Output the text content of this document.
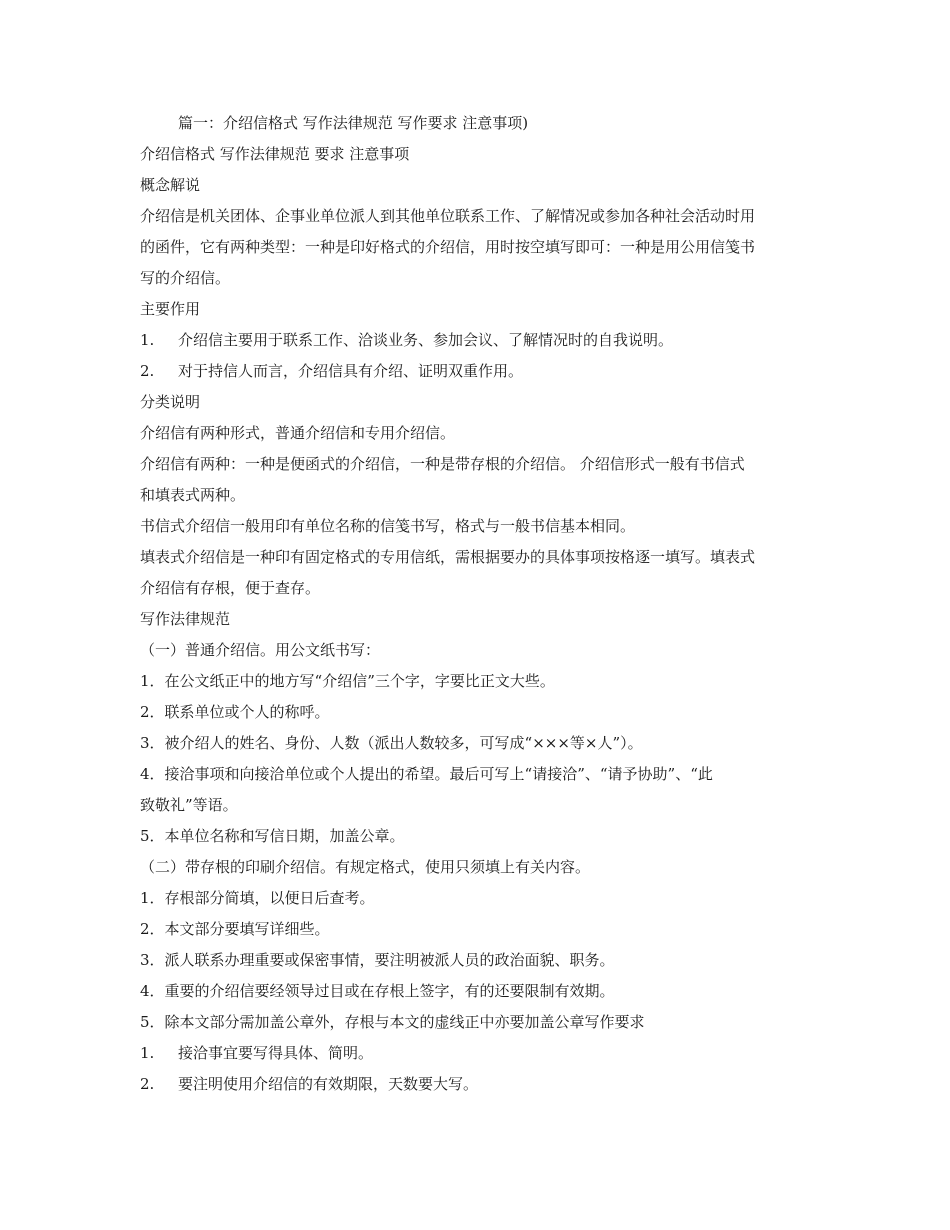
篇一：介绍信格式 写作法律规范 写作要求 注意事项)
介绍信格式 写作法律规范 要求 注意事项
概念解说
介绍信是机关团体、企事业单位派人到其他单位联系工作、了解情况或参加各种社会活动时用
的函件，它有两种类型：一种是印好格式的介绍信，用时按空填写即可：一种是用公用信笺书
写的介绍信。
主要作用
1. 介绍信主要用于联系工作、洽谈业务、参加会议、了解情况时的自我说明。
2. 对于持信人而言，介绍信具有介绍、证明双重作用。
分类说明
介绍信有两种形式，普通介绍信和专用介绍信。
介绍信有两种：一种是便函式的介绍信，一种是带存根的介绍信。 介绍信形式一般有书信式
和填表式两种。
书信式介绍信一般用印有单位名称的信笺书写，格式与一般书信基本相同。
填表式介绍信是一种印有固定格式的专用信纸，需根据要办的具体事项按格逐一填写。填表式
介绍信有存根，便于查存。
写作法律规范
（一）普通介绍信。用公文纸书写：
1．在公文纸正中的地方写“介绍信”三个字，字要比正文大些。
2．联系单位或个人的称呼。
3．被介绍人的姓名、身份、人数（派出人数较多，可写成“×××等×人”）。
4．接洽事项和向接洽单位或个人提出的希望。最后可写上“请接洽”、“请予协助”、“此
致敬礼”等语。
5．本单位名称和写信日期，加盖公章。
（二）带存根的印刷介绍信。有规定格式，使用只须填上有关内容。
1．存根部分简填，以便日后查考。
2．本文部分要填写详细些。
3．派人联系办理重要或保密事情，要注明被派人员的政治面貌、职务。
4．重要的介绍信要经领导过目或在存根上签字，有的还要限制有效期。
5．除本文部分需加盖公章外，存根与本文的虚线正中亦要加盖公章写作要求
1. 接洽事宜要写得具体、简明。
2. 要注明使用介绍信的有效期限，天数要大写。
